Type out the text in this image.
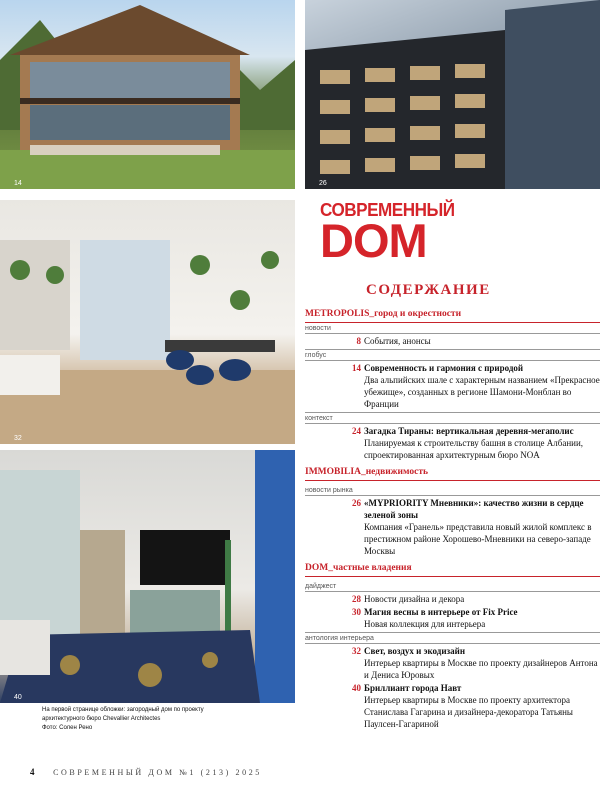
14	26
32
40
На первой странице обложки: загородный дом по проекту
архитектурного бюро Chevallier Architectes
Фото: Солен Рено
СОВРЕМЕННЫЙ
DOM
СОДЕРЖАНИЕ
METROPOLIS_город и окрестности
новости
8 События, анонсы
глобус
14 Современность и гармония с природой
Два альпийских шале с характерным названием «Прекрасное убежище», созданных в регионе Шамони-Монблан во Франции
контекст
24 Загадка Тираны: вертикальная деревня-мегаполис
Планируемая к строительству башня в столице Албании, спроектированная архитектурным бюро NOA
IMMOBILIA_недвижимость
новости рынка
26 «MYPRIORITY Мневники»: качество жизни в сердце зеленой зоны
Компания «Гранель» представила новый жилой комплекс в престижном районе Хорошево-Мневники на северо-западе Москвы
DOM_частные владения
дайджест
28 Новости дизайна и декора
30 Магия весны в интерьере от Fix Price
Новая коллекция для интерьера
антология интерьера
32 Свет, воздух и экодизайн
Интерьер квартиры в Москве по проекту дизайнеров Антона и Дениса Юровых
40 Бриллиант города Навт
Интерьер квартиры в Москве по проекту архитектора Станислава Гагарина и дизайнера-декоратора Татьяны Паулсен-Гагариной
4 СОВРЕМЕННЫЙ ДОМ №1 (213) 2025
